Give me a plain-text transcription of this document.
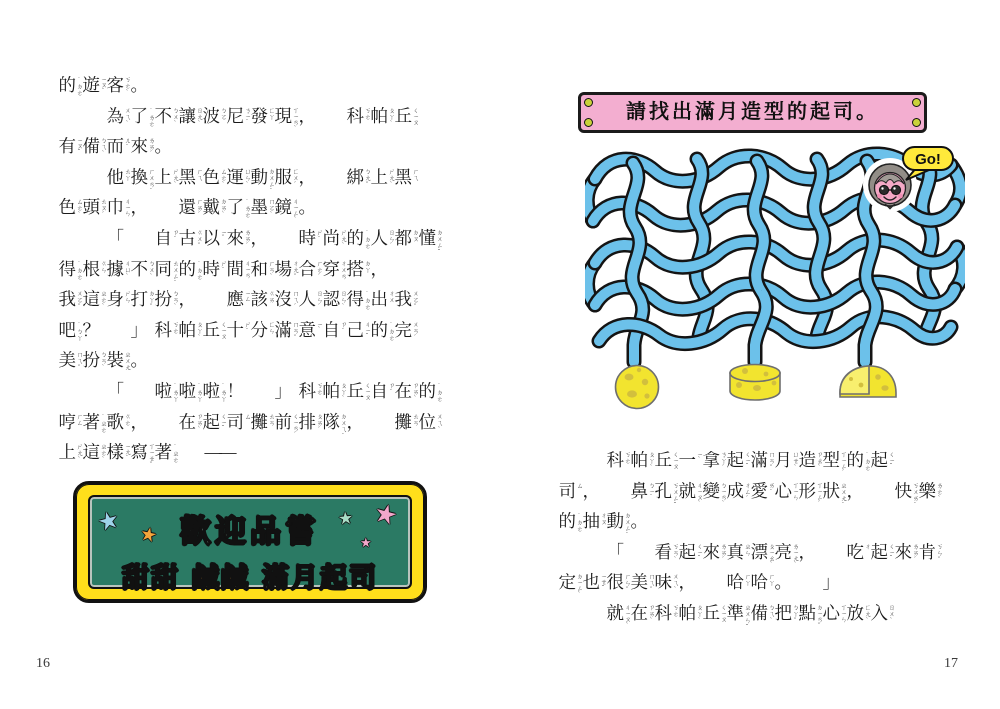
的 ˙ㄉㄜ 遊 ㄧㄡˊ 客 ㄎㄜˋ 。
為 ㄨㄟˋ 了 ˙ㄌㄜ 不 ㄅㄨˋ 讓 ㄖㄤˋ 波 ㄅㄛ 尼 ㄋㄧˊ 發 ㄈㄚ 現 ㄒㄧㄢˋ ，
　 科 ㄎㄜ 帕 ㄆㄚˋ 丘 ㄑㄧㄡ
有 ㄧㄡˇ 備 ㄅㄟˋ 而 ㄦˊ 來 ㄌㄞˊ 。
他 ㄊㄚ 換 ㄏㄨㄢˋ 上 ㄕㄤˋ 黑 ㄏㄟ 色 ㄙㄜˋ 運 ㄩㄣˋ 動 ㄉㄨㄥˋ 服 ㄈㄨˊ ，
　 綁 ㄅㄤˇ 上 ㄕㄤˋ 黑 ㄏㄟ
色 ㄙㄜˋ 頭 ㄊㄡˊ 巾 ㄐㄧㄣ ，
　 還 ㄏㄞˊ 戴 ㄉㄞˋ 了 ˙ㄌㄜ 墨 ㄇㄛˋ 鏡 ㄐㄧㄥˋ 。
「
　 自 ㄗˋ 古 ㄍㄨˇ 以 ㄧˇ 來 ㄌㄞˊ ，
　 時 ㄕˊ 尚 ㄕㄤˋ 的 ˙ㄉㄜ 人 ㄖㄣˊ 都 ㄉㄡ 懂 ㄉㄨㄥˇ
得 ˙ㄉㄜ 根 ㄍㄣ 據 ㄐㄩˋ 不 ㄅㄨˋ 同 ㄊㄨㄥˊ 的 ˙ㄉㄜ 時 ㄕˊ 間 ㄐㄧㄢ 和 ㄏㄢˋ 場 ㄔㄤˇ 合 ㄏㄜˊ 穿 ㄔㄨㄢ 搭 ㄉㄚ ，
我 ㄨㄛˇ 這 ㄓㄜˋ 身 ㄕㄣ 打 ㄉㄚˇ 扮 ㄅㄢˋ ，
　 應 ㄧㄥ 該 ㄍㄞ 沒 ㄇㄟˊ 人 ㄖㄣˊ 認 ㄖㄣˋ 得 ˙ㄉㄜ 出 ㄔㄨ 我 ㄨㄛˇ
吧 ˙ㄅㄚ ？
　 」 科 ㄎㄜ 帕 ㄆㄚˋ 丘 ㄑㄧㄡ 十 ㄕˊ 分 ㄈㄣ 滿 ㄇㄢˇ 意 ㄧˋ 自 ㄗˋ 己 ㄐㄧˇ 的 ˙ㄉㄜ 完 ㄨㄢˊ
美 ㄇㄟˇ 扮 ㄅㄢˋ 裝 ㄓㄨㄤ 。
「
　 啦 ˙ㄌㄚ 啦 ˙ㄌㄚ 啦 ˙ㄌㄚ ！
　 」 科 ㄎㄜ 帕 ㄆㄚˋ 丘 ㄑㄧㄡ 自 ㄗˋ 在 ㄗㄞˋ 的 ˙ㄉㄜ
哼 ㄏㄥ 著 ˙ㄓㄜ 歌 ㄍㄜ ，
　 在 ㄗㄞˋ 起 ㄑㄧˇ 司 ㄙ 攤 ㄊㄢ 前 ㄑㄧㄢˊ 排 ㄆㄞˊ 隊 ㄉㄨㄟˋ ，
　 攤 ㄊㄢ 位 ㄨㄟˋ
上 ㄕㄤˋ 這 ㄓㄜˋ 樣 ㄧㄤˋ 寫 ㄒㄧㄝˇ 著 ˙ㄓㄜ
　 ——
歡迎品嘗
甜甜 鹹鹹 滿月起司
★ ★
★ ★
★
16
請找出滿月造型的起司。
Go!
科 ㄎㄜ 帕 ㄆㄚˋ 丘 ㄑㄧㄡ 一 ㄧˋ 拿 ㄋㄚˊ 起 ㄑㄧˇ 滿 ㄇㄢˇ 月 ㄩㄝˋ 造 ㄗㄠˋ 型 ㄒㄧㄥˊ 的 ˙ㄉㄜ 起 ㄑㄧˇ
司 ㄙ ，
　 鼻 ㄅㄧˊ 孔 ㄎㄨㄥˇ 就 ㄐㄧㄡˋ 變 ㄅㄧㄢˋ 成 ㄔㄥˊ 愛 ㄞˋ 心 ㄒㄧㄣ 形 ㄒㄧㄥˊ 狀 ㄓㄨㄤˋ ，
　 快 ㄎㄨㄞˋ 樂 ㄌㄜˋ
的 ˙ㄉㄜ 抽 ㄔㄡ 動 ㄉㄨㄥˋ 。
「
　 看 ㄎㄢˋ 起 ㄑㄧˇ 來 ㄌㄞˊ 真 ㄓㄣ 漂 ㄆㄧㄠˋ 亮 ㄌㄧㄤˋ ，
　 吃 ㄔ 起 ㄑㄧˇ 來 ㄌㄞˊ 肯 ㄎㄣˇ
定 ㄉㄧㄥˋ 也 ㄧㄝˇ 很 ㄏㄣˇ 美 ㄇㄟˇ 味 ㄨㄟˋ ，
　 哈 ㄏㄚ 哈 ㄏㄚ 。
　 」
就 ㄐㄧㄡˋ 在 ㄗㄞˋ 科 ㄎㄜ 帕 ㄆㄚˋ 丘 ㄑㄧㄡ 準 ㄓㄨㄣˇ 備 ㄅㄟˋ 把 ㄅㄚˇ 點 ㄉㄧㄢˇ 心 ㄒㄧㄣ 放 ㄈㄤˋ 入 ㄖㄨˋ
17
